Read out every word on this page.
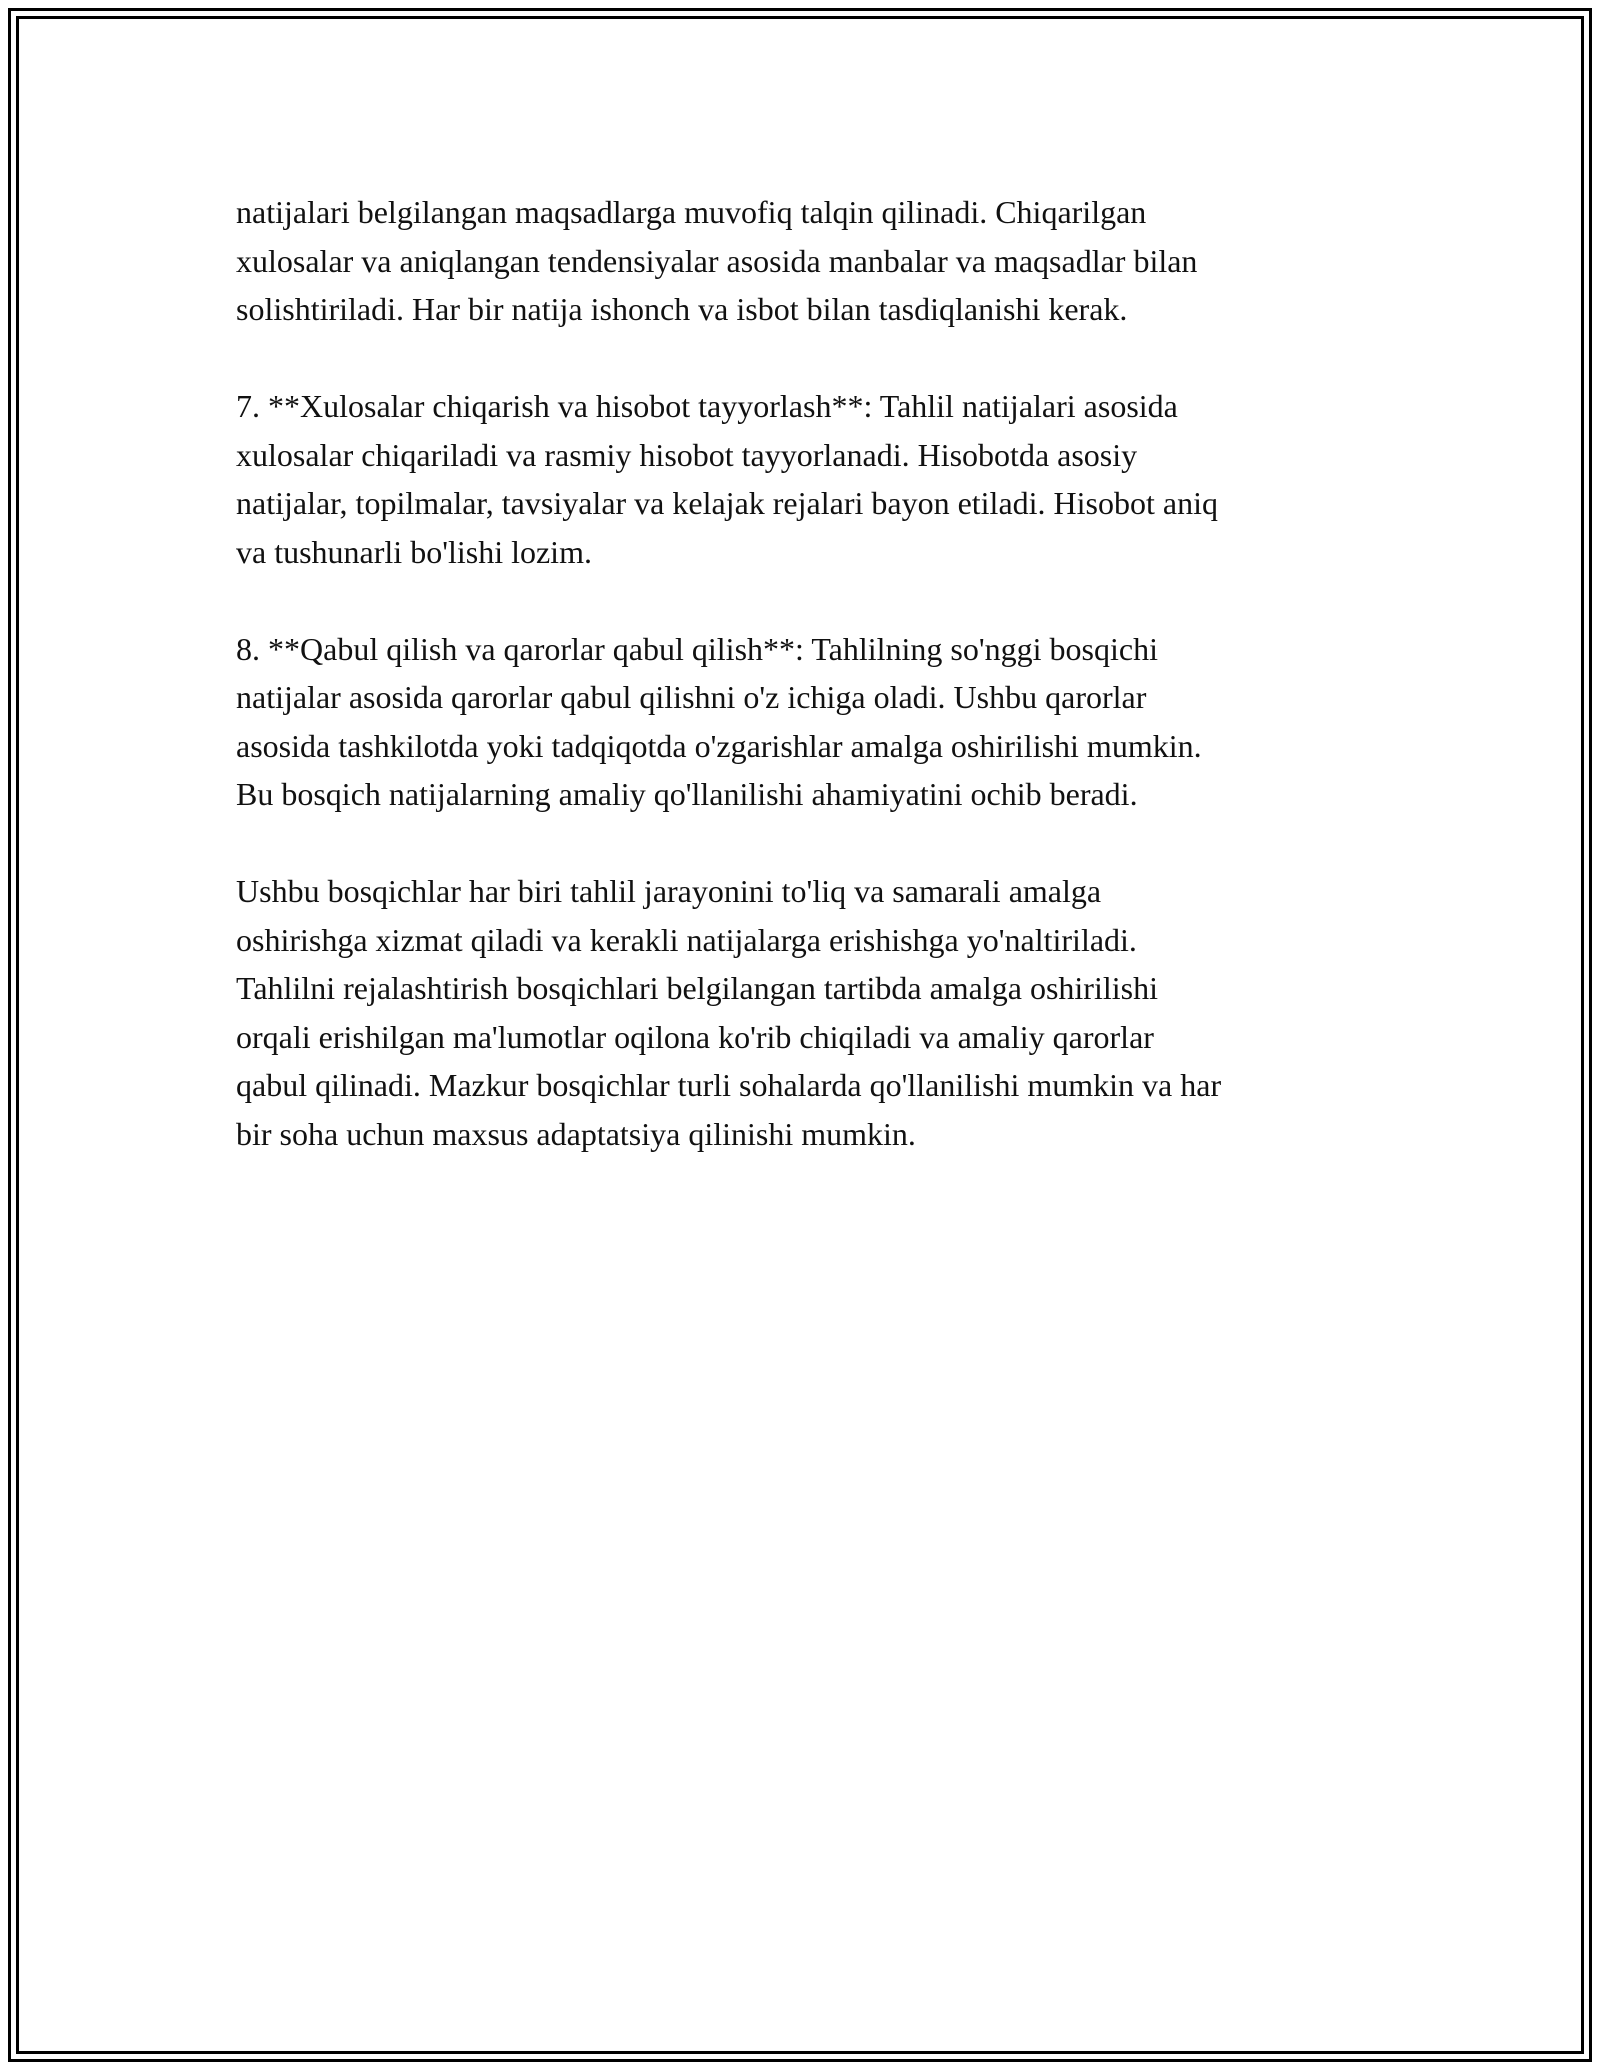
natijalari belgilangan maqsadlarga muvofiq talqin qilinadi. Chiqarilgan
xulosalar va aniqlangan tendensiyalar asosida manbalar va maqsadlar bilan
solishtiriladi. Har bir natija ishonch va isbot bilan tasdiqlanishi kerak.

7. **Xulosalar chiqarish va hisobot tayyorlash**: Tahlil natijalari asosida
xulosalar chiqariladi va rasmiy hisobot tayyorlanadi. Hisobotda asosiy
natijalar, topilmalar, tavsiyalar va kelajak rejalari bayon etiladi. Hisobot aniq
va tushunarli bo'lishi lozim.

8. **Qabul qilish va qarorlar qabul qilish**: Tahlilning so'nggi bosqichi
natijalar asosida qarorlar qabul qilishni o'z ichiga oladi. Ushbu qarorlar
asosida tashkilotda yoki tadqiqotda o'zgarishlar amalga oshirilishi mumkin.
Bu bosqich natijalarning amaliy qo'llanilishi ahamiyatini ochib beradi.

Ushbu bosqichlar har biri tahlil jarayonini to'liq va samarali amalga
oshirishga xizmat qiladi va kerakli natijalarga erishishga yo'naltiriladi.
Tahlilni rejalashtirish bosqichlari belgilangan tartibda amalga oshirilishi
orqali erishilgan ma'lumotlar oqilona ko'rib chiqiladi va amaliy qarorlar
qabul qilinadi. Mazkur bosqichlar turli sohalarda qo'llanilishi mumkin va har
bir soha uchun maxsus adaptatsiya qilinishi mumkin.
